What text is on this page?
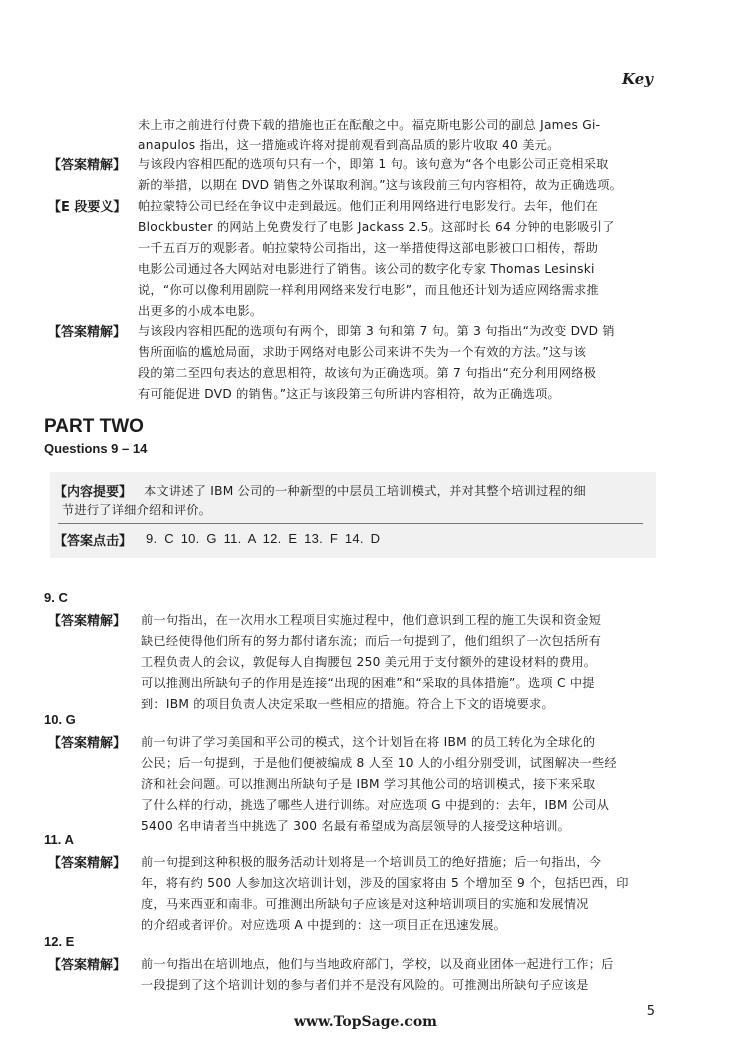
Key
未上市之前进行付费下载的措施也正在酝酿之中。福克斯电影公司的副总 James Gi-
anapulos 指出，这一措施或许将对提前观看到高品质的影片收取 40 美元。
【答案精解】 与该段内容相匹配的选项句只有一个，即第 1 句。该句意为“各个电影公司正竞相采取
新的举措，以期在 DVD 销售之外谋取利润。”这与该段前三句内容相符，故为正确选项。
【E 段要义】 帕拉蒙特公司已经在争议中走到最远。他们正利用网络进行电影发行。去年，他们在
Blockbuster 的网站上免费发行了电影 Jackass 2.5。这部时长 64 分钟的电影吸引了
一千五百万的观影者。帕拉蒙特公司指出，这一举措使得这部电影被口口相传，帮助
电影公司通过各大网站对电影进行了销售。该公司的数字化专家 Thomas Lesinski
说，“你可以像利用剧院一样利用网络来发行电影”，而且他还计划为适应网络需求推
出更多的小成本电影。
【答案精解】 与该段内容相匹配的选项句有两个，即第 3 句和第 7 句。第 3 句指出“为改变 DVD 销
售所面临的尴尬局面，求助于网络对电影公司来讲不失为一个有效的方法。”这与该
段的第二至四句表达的意思相符，故该句为正确选项。第 7 句指出“充分利用网络极
有可能促进 DVD 的销售。”这正与该段第三句所讲内容相符，故为正确选项。
PART TWO
Questions 9 – 14
【内容提要】 本文讲述了 IBM 公司的一种新型的中层员工培训模式，并对其整个培训过程的细
节进行了详细介绍和评价。
【答案点击】 9. C 10. G 11. A 12. E 13. F 14. D
9. C
【答案精解】 前一句指出，在一次用水工程项目实施过程中，他们意识到工程的施工失误和资金短
缺已经使得他们所有的努力都付诸东流；而后一句提到了，他们组织了一次包括所有
工程负责人的会议，敦促每人自掏腰包 250 美元用于支付额外的建设材料的费用。
可以推测出所缺句子的作用是连接“出现的困难”和“采取的具体措施”。选项 C 中提
到：IBM 的项目负责人决定采取一些相应的措施。符合上下文的语境要求。
10. G
【答案精解】 前一句讲了学习美国和平公司的模式，这个计划旨在将 IBM 的员工转化为全球化的
公民；后一句提到，于是他们便被编成 8 人至 10 人的小组分别受训，试图解决一些经
济和社会问题。可以推测出所缺句子是 IBM 学习其他公司的培训模式，接下来采取
了什么样的行动，挑选了哪些人进行训练。对应选项 G 中提到的：去年，IBM 公司从
5400 名申请者当中挑选了 300 名最有希望成为高层领导的人接受这种培训。
11. A
【答案精解】 前一句提到这种积极的服务活动计划将是一个培训员工的绝好措施；后一句指出，今
年，将有约 500 人参加这次培训计划，涉及的国家将由 5 个增加至 9 个，包括巴西，印
度，马来西亚和南非。可推测出所缺句子应该是对这种培训项目的实施和发展情况
的介绍或者评价。对应选项 A 中提到的：这一项目正在迅速发展。
12. E
【答案精解】 前一句指出在培训地点，他们与当地政府部门，学校，以及商业团体一起进行工作；后
一段提到了这个培训计划的参与者们并不是没有风险的。可推测出所缺句子应该是
5
www.TopSage.com
